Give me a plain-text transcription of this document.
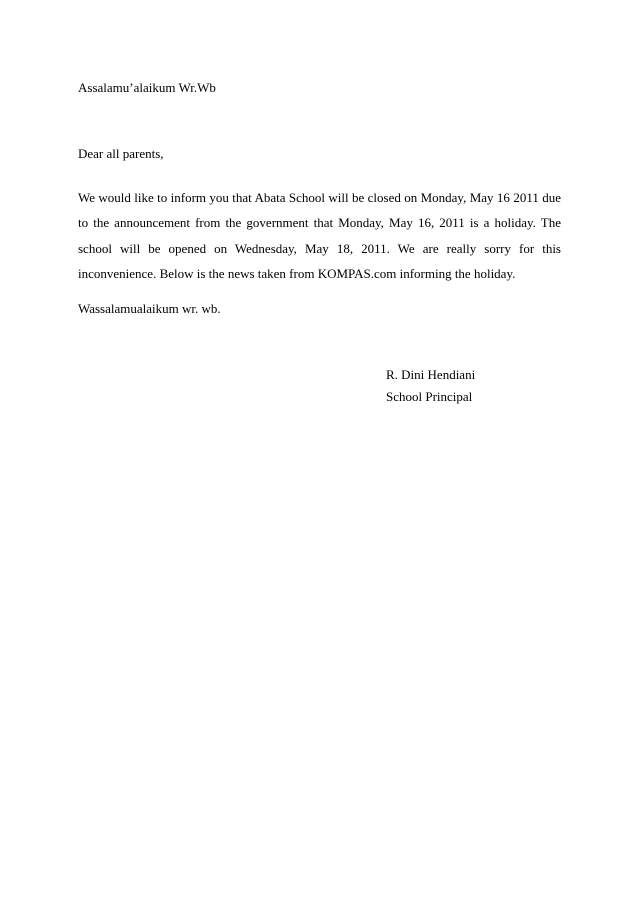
Assalamu’alaikum Wr.Wb
Dear all parents,
We would like to inform you that Abata School will be closed on Monday, May 16 2011 due to the announcement from the government that Monday, May 16, 2011 is a holiday. The school will be opened on Wednesday, May 18, 2011. We are really sorry for this inconvenience. Below is the news taken from KOMPAS.com informing the holiday.
Wassalamualaikum wr. wb.
R. Dini Hendiani
School Principal
